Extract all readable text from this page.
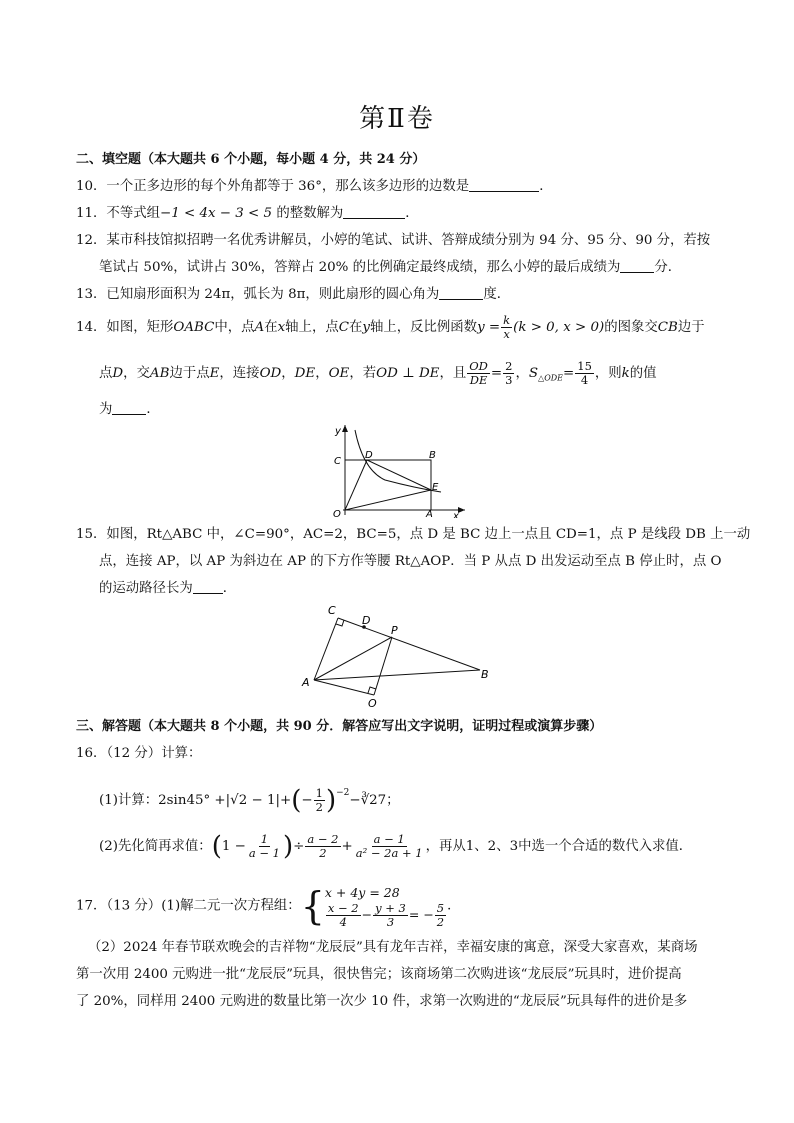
第Ⅱ卷
二、填空题（本大题共 6 个小题，每小题 4 分，共 24 分）
10．一个正多边形的每个外角都等于 36°，那么该多边形的边数是	．
11．不等式组−1 < 4x − 3 < 5 的整数解为	．
12．某市科技馆拟招聘一名优秀讲解员，小婷的笔试、试讲、答辩成绩分别为 94 分、95 分、90 分，若按
笔试占 50%，试讲占 30%，答辩占 20% 的比例确定最终成绩，那么小婷的最后成绩为	分．
13．已知扇形面积为 24π，弧长为 8π，则此扇形的圆心角为	度．
14．如图，矩形OABC中，点A在x轴上，点C在y轴上，反比例函数$y = \frac{k}{x} (k > 0$, x > 0)的图象交CB边于
点D，交AB边于点E，连接OD，DE，OE，若OD ⊥ DE，且 $\frac{OD}{DE} = \frac{2}{3}$ ，$S_{\triangle ODE}= \frac{15}{4}$ ，则k的值
为	．
y
x
C
D	B
E
O	A
15．如图，Rt△ABC 中，∠C=90°，AC=2，BC=5，点 D 是 BC 边上一点且 CD=1，点 P 是线段 DB 上一动
点，连接 AP，以 AP 为斜边在 AP 的下方作等腰 Rt△AOP．当 P 从点 D 出发运动至点 B 停止时，点 O
的运动路径长为 ．
C
D
P
A
B
O
三、解答题（本大题共 8 个小题，共 90 分．解答应写出文字说明，证明过程或演算步骤）
16．（12 分）计算：
(1)计算：$2\sin 45^\circ +|√2 - 1|+(- \frac{1}{2}$ )$^{-2}-∛27$；
(2)先化简再求值：($1 - \frac{1}{a - 1}$ )÷ $\frac{a - 2}{2} + \frac{a - 1}{\text{a² − 2a + 1}}$ ，再从1、2、3中选一个合适的数代入求值．
17．（13 分）(1)解二元一次方程组：{ x + 4y = 28
$\frac{x - 2}{4} - \frac{y + 3}{3}$ = − $\frac{5}{2}$ ．
（2）2024 年春节联欢晚会的吉祥物“龙辰辰”具有龙年吉祥，幸福安康的寓意，深受大家喜欢，某商场
第一次用 2400 元购进一批“龙辰辰”玩具，很快售完；该商场第二次购进该“龙辰辰”玩具时，进价提高
了 20%，同样用 2400 元购进的数量比第一次少 10 件，求第一次购进的“龙辰辰”玩具每件的进价是多
